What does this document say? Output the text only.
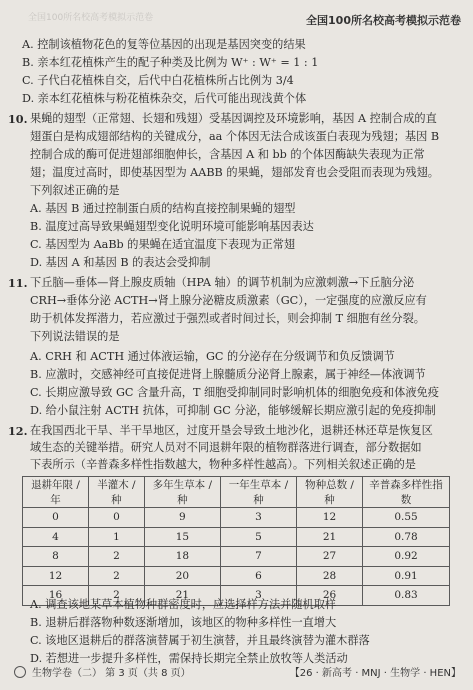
全国100所名校高考模拟示范卷	全国100所名校高考模拟示范卷
A. 控制该植物花色的复等位基因的出现是基因突变的结果
B. 亲本红花植株产生的配子种类及比例为 W⁺ : W⁺ = 1 : 1
C. 子代白花植株自交，后代中白花植株所占比例为 3/4
D. 亲本红花植株与粉花植株杂交，后代可能出现浅黄个体
10. 果蝇的翅型（正常翅、长翅和残翅）受基因调控及环境影响，基因 A 控制合成的直
翅蛋白是构成翅部结构的关键成分，aa 个体因无法合成该蛋白表现为残翅；基因 B
控制合成的酶可促进翅部细胞伸长，含基因 A 和 bb 的个体因酶缺失表现为正常
翅；温度过高时，即使基因型为 AABB 的果蝇，翅部发育也会受阻而表现为残翅。
下列叙述正确的是
A. 基因 B 通过控制蛋白质的结构直接控制果蝇的翅型
B. 温度过高导致果蝇翅型变化说明环境可能影响基因表达
C. 基因型为 AaBb 的果蝇在适宜温度下表现为正常翅
D. 基因 A 和基因 B 的表达会受抑制
11. 下丘脑—垂体—肾上腺皮质轴（HPA 轴）的调节机制为应激刺激→下丘脑分泌
CRH→垂体分泌 ACTH→肾上腺分泌糖皮质激素（GC），一定强度的应激反应有
助于机体发挥潜力，若应激过于强烈或者时间过长，则会抑制 T 细胞有丝分裂。
下列说法错误的是
A. CRH 和 ACTH 通过体液运输，GC 的分泌存在分级调节和负反馈调节
B. 应激时，交感神经可直接促进肾上腺髓质分泌肾上腺素，属于神经—体液调节
C. 长期应激导致 GC 含量升高，T 细胞受抑制同时影响机体的细胞免疫和体液免疫
D. 给小鼠注射 ACTH 抗体，可抑制 GC 分泌，能够缓解长期应激引起的免疫抑制
12. 在我国西北干旱、半干旱地区，过度开垦会导致土地沙化，退耕还林还草是恢复区
域生态的关键举措。研究人员对不同退耕年限的植物群落进行调查，部分数据如
下表所示（辛普森多样性指数越大，物种多样性越高）。下列相关叙述正确的是
退耕年限 / 年	半灌木 / 种	多年生草本 / 种	一年生草本 / 种	物种总数 / 种	辛普森多样性指数
0	0	9	3	12	0.55
4	1	15	5	21	0.78
8	2	18	7	27	0.92
12	2	20	6	28	0.91
16	2	21	3	26	0.83
A. 调查该地某草本植物种群密度时，应选择样方法并随机取样
B. 退耕后群落物种数逐渐增加，该地区的物种多样性一直增大
C. 该地区退耕后的群落演替属于初生演替，并且最终演替为灌木群落
D. 若想进一步提升多样性，需保持长期完全禁止放牧等人类活动
生物学卷（二） 第 3 页（共 8 页）	【26 · 新高考 · MNJ · 生物学 · HEN】
